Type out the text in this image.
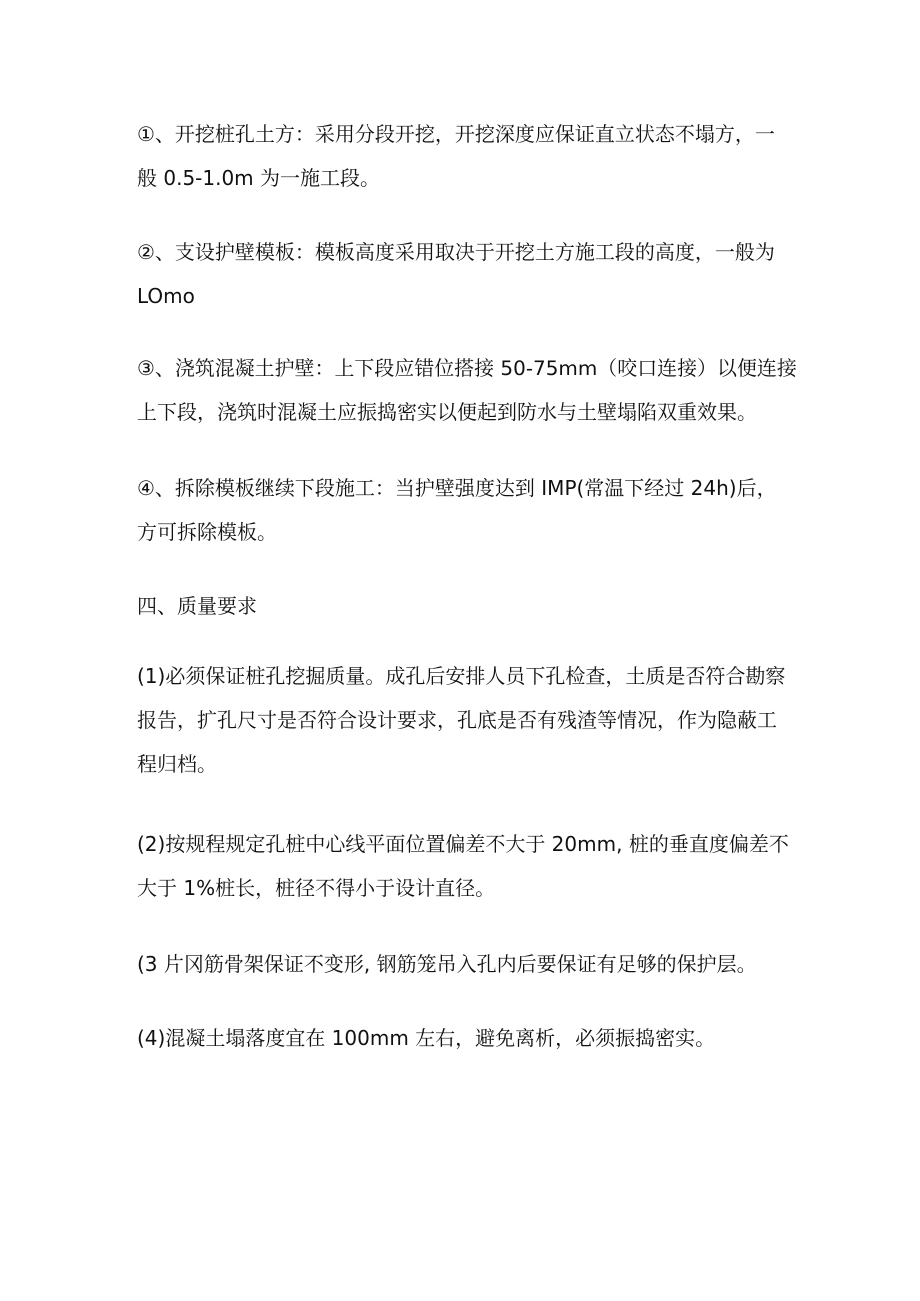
①、开挖桩孔土方：采用分段开挖，开挖深度应保证直立状态不塌方，一
般 0.5-1.0m 为一施工段。
②、支设护壁模板：模板高度采用取决于开挖土方施工段的高度，一般为
LOmo
③、浇筑混凝土护壁：上下段应错位搭接 50-75mm（咬口连接）以便连接
上下段，浇筑时混凝土应振捣密实以便起到防水与土壁塌陷双重效果。
④、拆除模板继续下段施工：当护壁强度达到 IMP(常温下经过 24h)后，
方可拆除模板。
四、质量要求
(1)必须保证桩孔挖掘质量。成孔后安排人员下孔检查，土质是否符合勘察
报告，扩孔尺寸是否符合设计要求，孔底是否有残渣等情况，作为隐蔽工
程归档。
(2)按规程规定孔桩中心线平面位置偏差不大于 20mm, 桩的垂直度偏差不
大于 1%桩长，桩径不得小于设计直径。
(3 片冈筋骨架保证不变形, 钢筋笼吊入孔内后要保证有足够的保护层。
(4)混凝土塌落度宜在 100mm 左右，避免离析，必须振捣密实。
